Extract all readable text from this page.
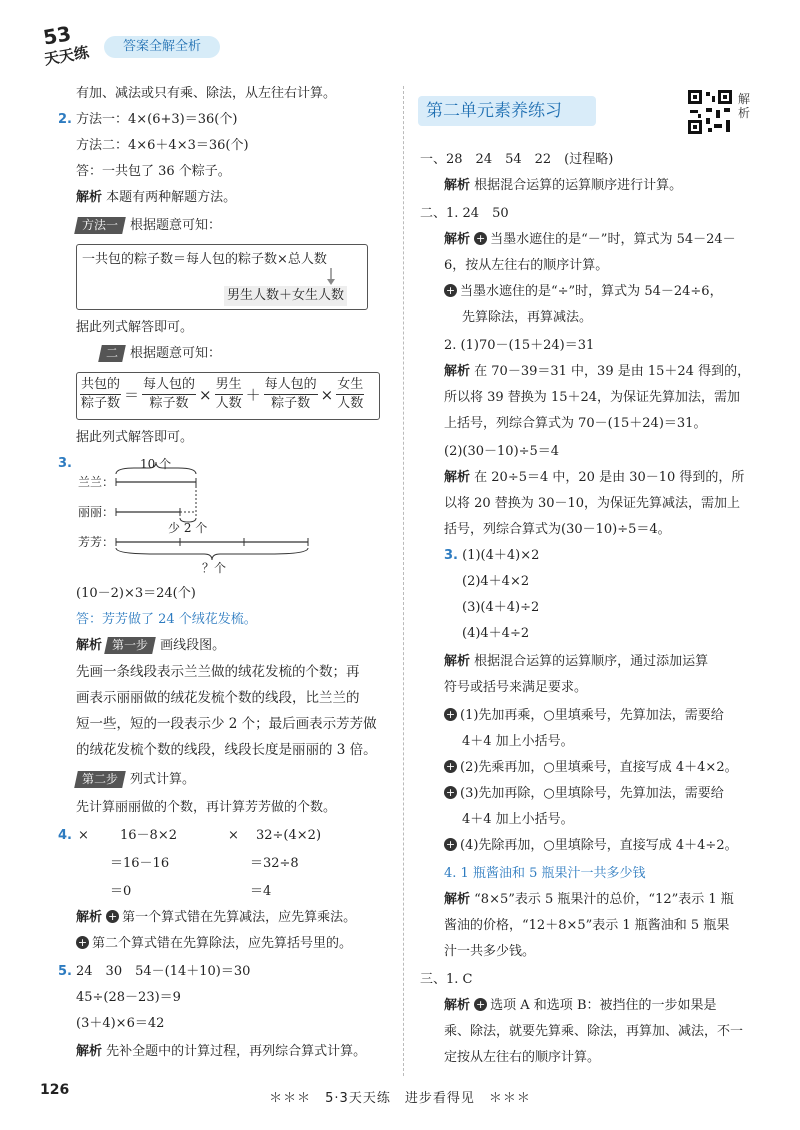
53
天天练	答案全解全析
有加、减法或只有乘、除法，从左往右计算。
2. 方法一：4×(6+3)＝36(个)
方法二：4×6＋4×3＝36(个)
答：一共包了 36 个粽子。
解析 本题有两种解题方法。
方法一 根据题意可知：
一共包的粽子数＝每人包的粽子数×总人数
男生人数＋女生人数
据此列式解答即可。
二 根据题意可知：
$\frac{\text{共包的}}{\text{粽子数}} = \frac{\text{每人包的}}{\text{粽子数}} \times \frac{\text{男生}}{\text{人数}} + \frac{\text{每人包的}}{\text{粽子数}} \times \frac{\text{女生}}{\text{人数}}$
据此列式解答即可。
3.	10 个
兰兰：
丽丽：
少 2 个
芳芳：
？个
(10－2)×3＝24(个)
答：芳芳做了 24 个绒花发梳。
解析 第一步 画线段图。
先画一条线段表示兰兰做的绒花发梳的个数；再
画表示丽丽做的绒花发梳个数的线段，比兰兰的
短一些，短的一段表示少 2 个；最后画表示芳芳做
的绒花发梳个数的线段，线段长度是丽丽的 3 倍。
第二步 列式计算。
先计算丽丽做的个数，再计算芳芳做的个数。
4. × 16－8×2	× 32÷(4×2)
＝16－16	＝32÷8
＝0	＝4
解析 + 第一个算式错在先算减法，应先算乘法。
+ 第二个算式错在先算除法，应先算括号里的。
5. 24　30　54－(14＋10)＝30
45÷(28－23)＝9
(3＋4)×6＝42
解析 先补全题中的计算过程，再列综合算式计算。
第二单元素养练习
解析
一、28　24　54　22　(过程略)
解析 根据混合运算的运算顺序进行计算。
二、1. 24　50
解析 + 当墨水遮住的是“－”时，算式为 54－24－
6，按从左往右的顺序计算。
+ 当墨水遮住的是“÷”时，算式为 54－24÷6，
先算除法，再算减法。
2. (1)70－(15＋24)＝31
解析 在 70－39＝31 中，39 是由 15＋24 得到的，
所以将 39 替换为 15＋24，为保证先算加法，需加
上括号，列综合算式为 70－(15＋24)＝31。
(2)(30－10)÷5＝4
解析 在 20÷5＝4 中，20 是由 30－10 得到的，所
以将 20 替换为 30－10，为保证先算减法，需加上
括号，列综合算式为(30－10)÷5＝4。
3. (1)(4＋4)×2
(2)4＋4×2
(3)(4＋4)÷2
(4)4＋4÷2
解析 根据混合运算的运算顺序，通过添加运算
符号或括号来满足要求。
+ (1)先加再乘，○里填乘号，先算加法，需要给
4＋4 加上小括号。
+ (2)先乘再加，○里填乘号，直接写成 4＋4×2。
+ (3)先加再除，○里填除号，先算加法，需要给
4＋4 加上小括号。
+ (4)先除再加，○里填除号，直接写成 4＋4÷2。
4. 1 瓶酱油和 5 瓶果汁一共多少钱
解析 “8×5”表示 5 瓶果汁的总价，“12”表示 1 瓶
酱油的价格，“12＋8×5”表示 1 瓶酱油和 5 瓶果
汁一共多少钱。
三、1. C
解析 + 选项 A 和选项 B：被挡住的一步如果是
乘、除法，就要先算乘、除法，再算加、减法，不一
定按从左往右的顺序计算。
126
＊＊＊　5·3天天练　进步看得见　＊＊＊
